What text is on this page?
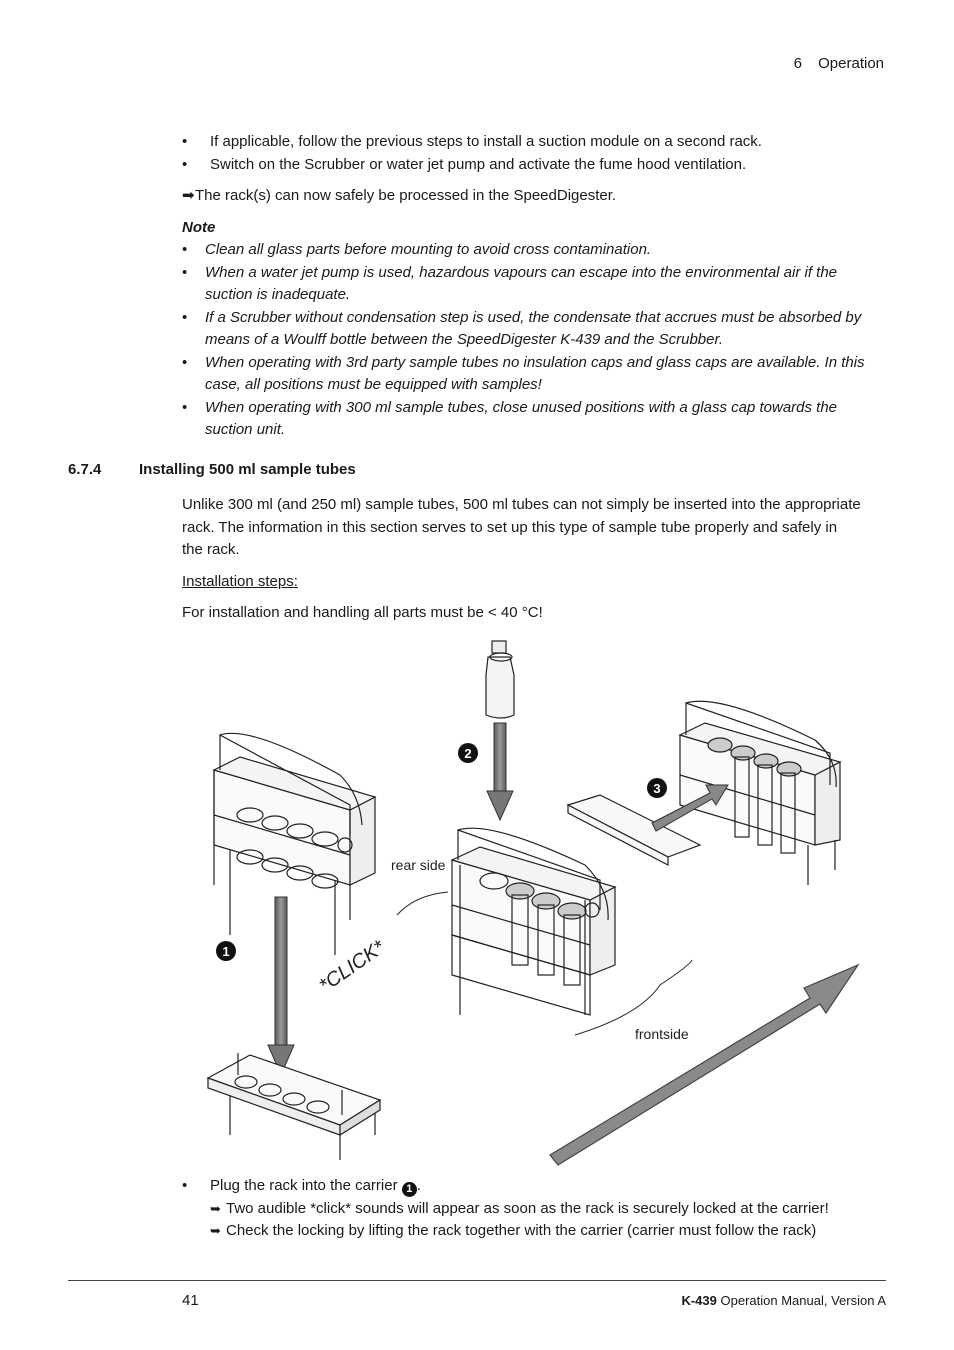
6 Operation
• If applicable, follow the previous steps to install a suction module on a second rack.
• Switch on the Scrubber or water jet pump and activate the fume hood ventilation.
➡The rack(s) can now safely be processed in the SpeedDigester.
Note
• Clean all glass parts before mounting to avoid cross contamination.
• When a water jet pump is used, hazardous vapours can escape into the environmental air if the suction is inadequate.
• If a Scrubber without condensation step is used, the condensate that accrues must be absorbed by means of a Woulff bottle between the SpeedDigester K-439 and the Scrubber.
• When operating with 3rd party sample tubes no insulation caps and glass caps are available. In this case, all positions must be equipped with samples!
• When operating with 300 ml sample tubes, close unused positions with a glass cap towards the suction unit.
6.7.4	Installing 500 ml sample tubes
Unlike 300 ml (and 250 ml) sample tubes, 500 ml tubes can not simply be inserted into the appropriate rack. The information in this section serves to set up this type of sample tube properly and safely in the rack.
Installation steps:
For installation and handling all parts must be < 40 °C!
1	*CLICK*
2
3
rear side
frontside
• Plug the rack into the carrier 1 .
➥ Two audible *click* sounds will appear as soon as the rack is securely locked at the carrier!
➥ Check the locking by lifting the rack together with the carrier (carrier must follow the rack)
41	K-439 Operation Manual, Version A
